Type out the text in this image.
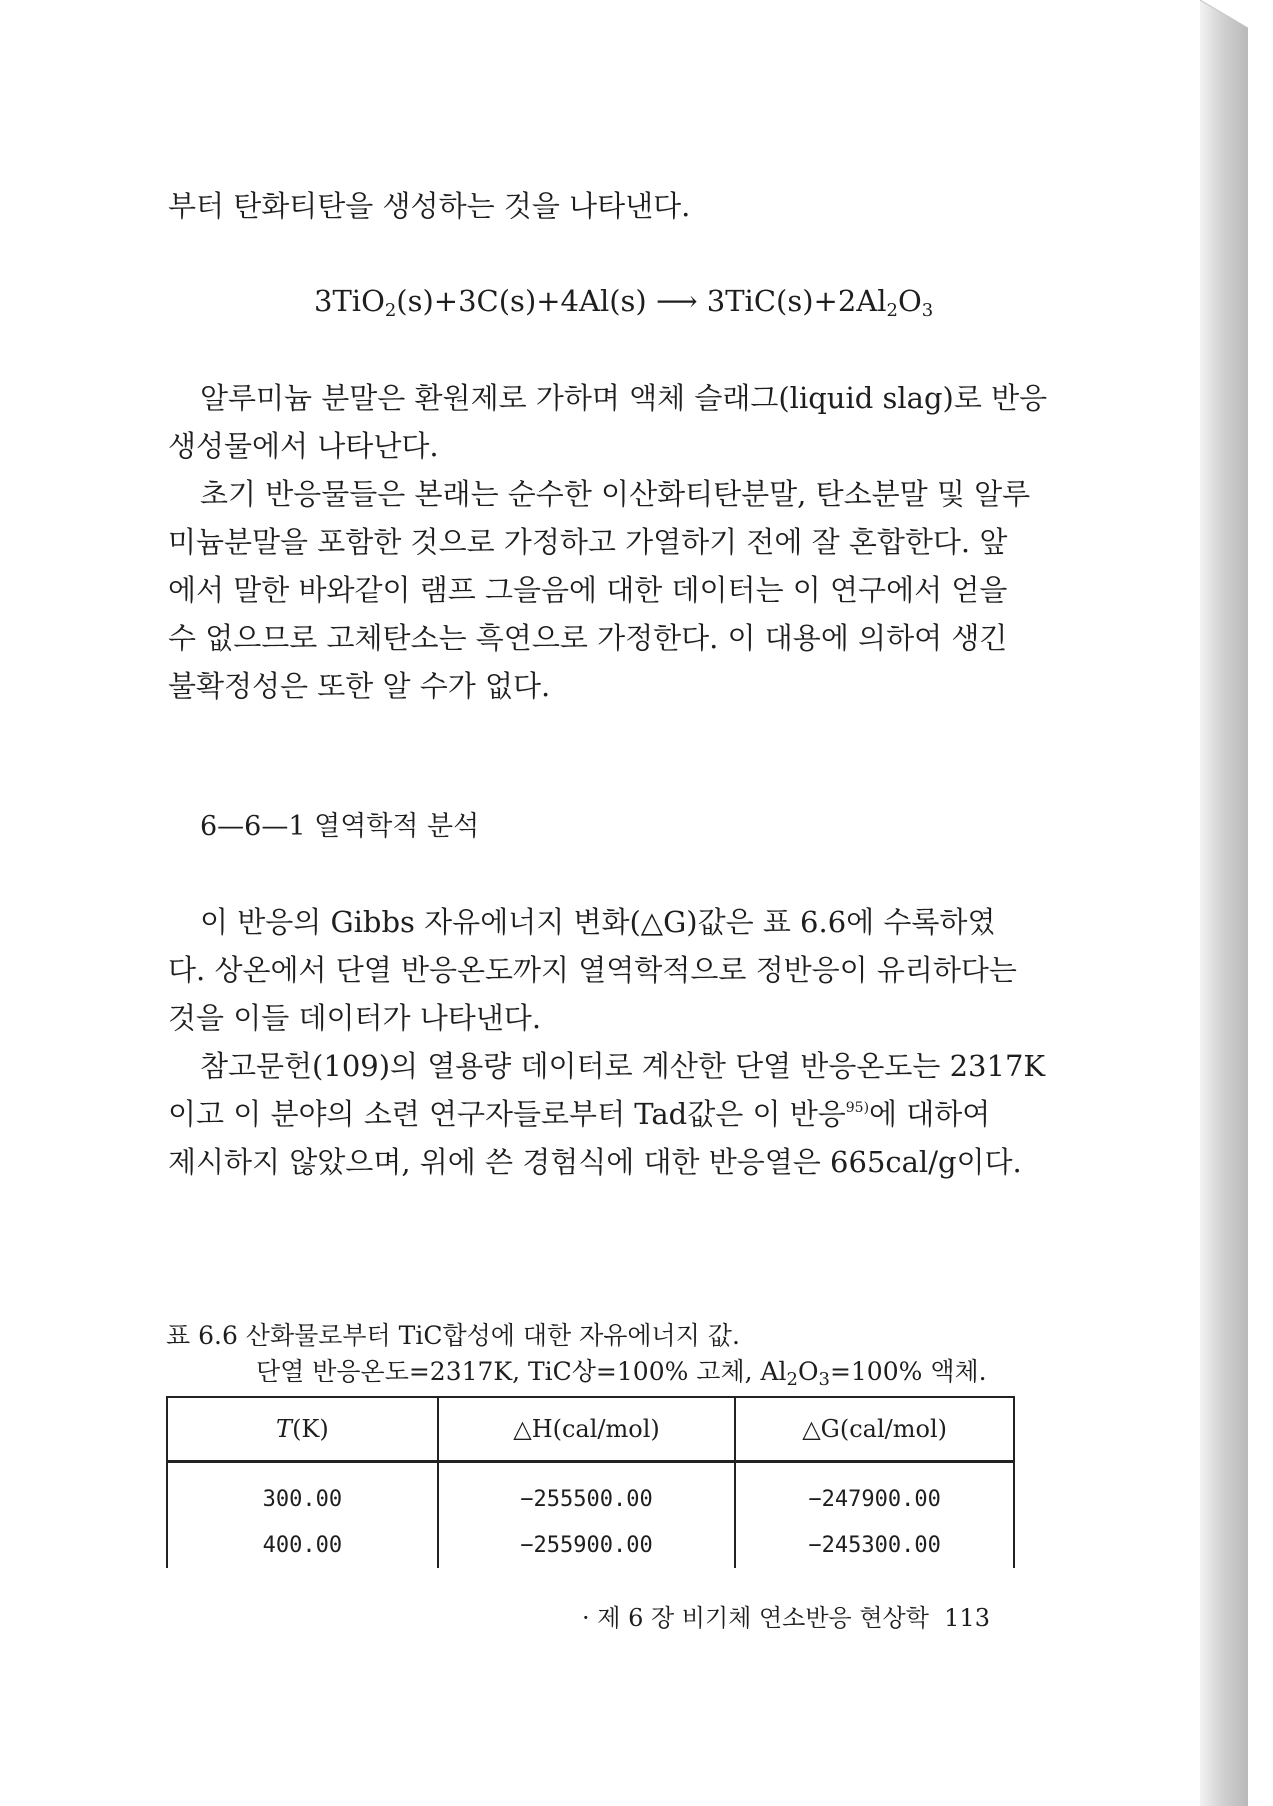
부터 탄화티탄을 생성하는 것을 나타낸다.
3TiO$_2$(s)+3C(s)+4Al(s) ⟶ $3TiC(s)+2Al_2O_3$
알루미늄 분말은 환원제로 가하며 액체 슬래그(liquid slag)로 반응
생성물에서 나타난다.
초기 반응물들은 본래는 순수한 이산화티탄분말, 탄소분말 및 알루
미늄분말을 포함한 것으로 가정하고 가열하기 전에 잘 혼합한다. 앞
에서 말한 바와같이 램프 그을음에 대한 데이터는 이 연구에서 얻을
수 없으므로 고체탄소는 흑연으로 가정한다. 이 대용에 의하여 생긴
불확정성은 또한 알 수가 없다.
6—6—1 열역학적 분석
이 반응의 Gibbs 자유에너지 변화(△G)값은 표 6.6에 수록하였
다. 상온에서 단열 반응온도까지 열역학적으로 정반응이 유리하다는
것을 이들 데이터가 나타낸다.
참고문헌(109)의 열용량 데이터로 계산한 단열 반응온도는 2317K
이고 이 분야의 소련 연구자들로부터 Tad값은 이 반응$^{95)}$에 대하여
제시하지 않았으며, 위에 쓴 경험식에 대한 반응열은 665cal/g이다.
표 6.6 산화물로부터 TiC합성에 대한 자유에너지 값.
단열 반응온도=2317K, TiC상=100% 고체, $Al_2O_3=100\%$ 액체.
T(K)	△H(cal/mol)	△G(cal/mol)
300.00	−255500.00	−247900.00
400.00	−255900.00	−245300.00
· 제 6 장 비기체 연소반응 현상학 113
